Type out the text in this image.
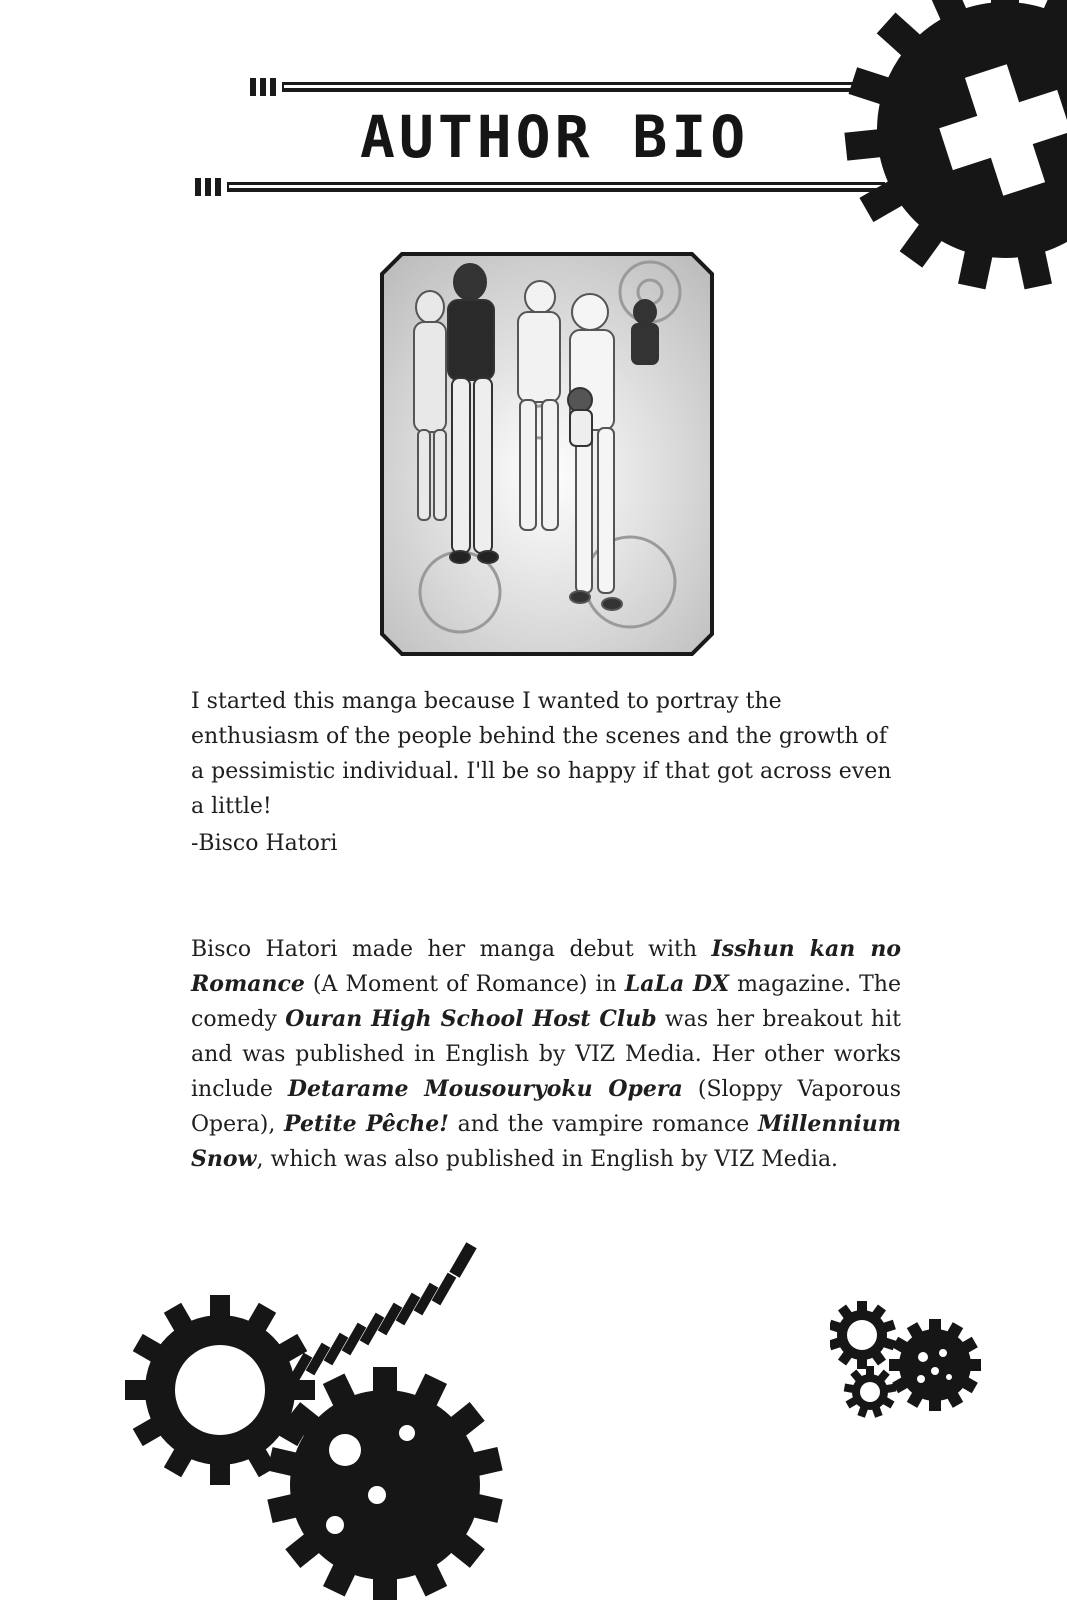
AUTHOR BIO
I started this manga because I wanted to portray the enthusiasm of the people behind the scenes and the growth of a pessimistic individual. I'll be so happy if that got across even a little!
-Bisco Hatori
Bisco Hatori made her manga debut with Isshun kan no Romance (A Moment of Romance) in LaLa DX magazine. The comedy Ouran High School Host Club was her breakout hit and was published in English by VIZ Media. Her other works include Detarame Mousouryoku Opera (Sloppy Vaporous Opera), Petite Pêche! and the vampire romance Millennium Snow, which was also published in English by VIZ Media.
